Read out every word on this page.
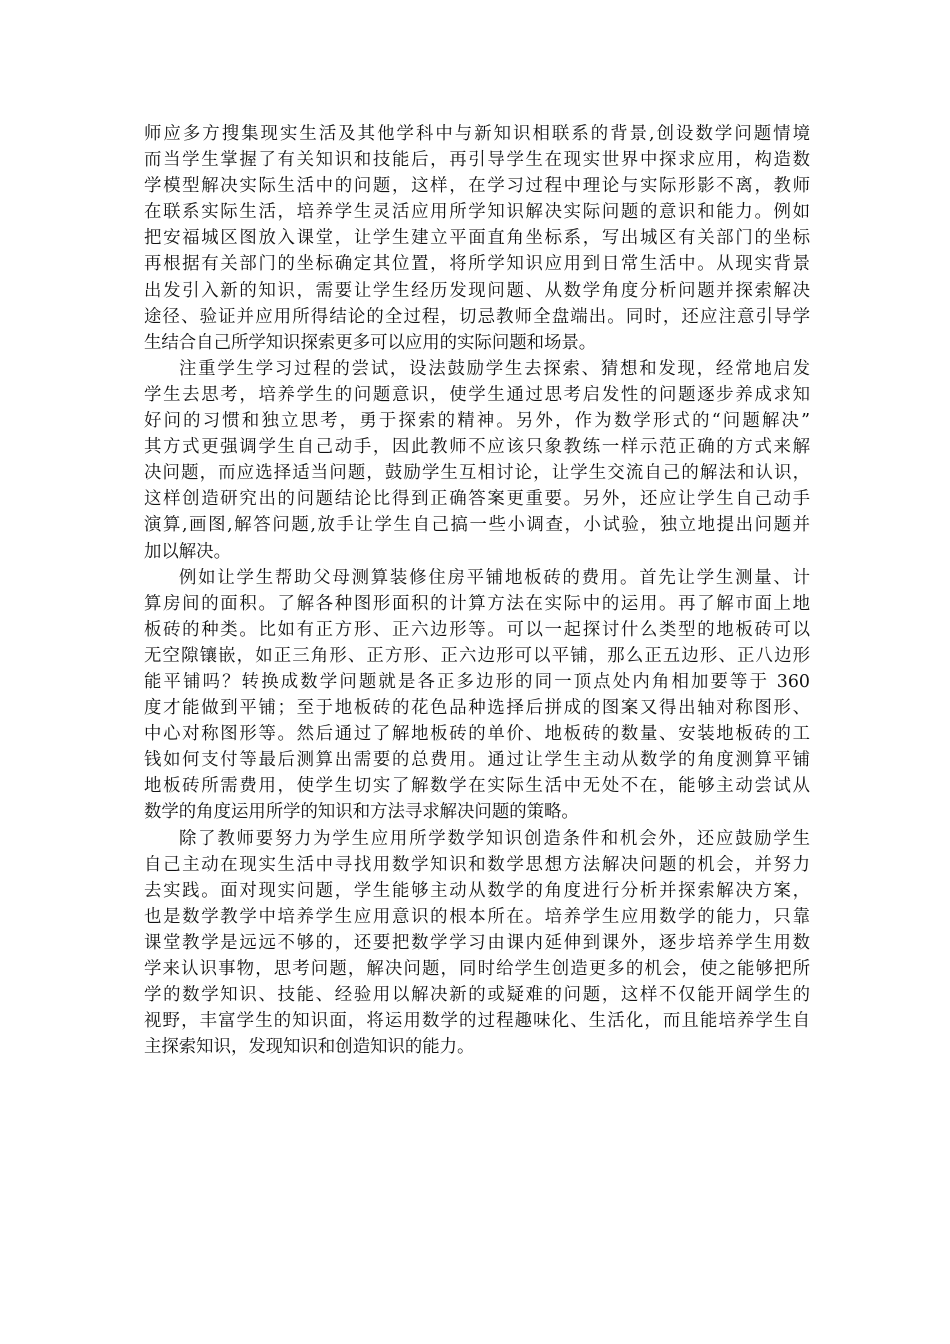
师应多方搜集现实生活及其他学科中与新知识相联系的背景,创设数学问题情境
而当学生掌握了有关知识和技能后，再引导学生在现实世界中探求应用，构造数
学模型解决实际生活中的问题，这样，在学习过程中理论与实际形影不离，教师
在联系实际生活，培养学生灵活应用所学知识解决实际问题的意识和能力。例如
把安福城区图放入课堂，让学生建立平面直角坐标系，写出城区有关部门的坐标
再根据有关部门的坐标确定其位置，将所学知识应用到日常生活中。从现实背景
出发引入新的知识，需要让学生经历发现问题、从数学角度分析问题并探索解决
途径、验证并应用所得结论的全过程，切忌教师全盘端出。同时，还应注意引导学
生结合自己所学知识探索更多可以应用的实际问题和场景。
注重学生学习过程的尝试，设法鼓励学生去探索、猜想和发现，经常地启发
学生去思考，培养学生的问题意识，使学生通过思考启发性的问题逐步养成求知
好问的习惯和独立思考，勇于探索的精神。另外，作为数学形式的“问题解决”
其方式更强调学生自己动手，因此教师不应该只象教练一样示范正确的方式来解
决问题，而应选择适当问题，鼓励学生互相讨论，让学生交流自己的解法和认识，
这样创造研究出的问题结论比得到正确答案更重要。另外，还应让学生自己动手
演算,画图,解答问题,放手让学生自己搞一些小调查，小试验，独立地提出问题并
加以解决。
例如让学生帮助父母测算装修住房平铺地板砖的费用。首先让学生测量、计
算房间的面积。了解各种图形面积的计算方法在实际中的运用。再了解市面上地
板砖的种类。比如有正方形、正六边形等。可以一起探讨什么类型的地板砖可以
无空隙镶嵌，如正三角形、正方形、正六边形可以平铺，那么正五边形、正八边形
能平铺吗？转换成数学问题就是各正多边形的同一顶点处内角相加要等于 360
度才能做到平铺；至于地板砖的花色品种选择后拼成的图案又得出轴对称图形、
中心对称图形等。然后通过了解地板砖的单价、地板砖的数量、安装地板砖的工
钱如何支付等最后测算出需要的总费用。通过让学生主动从数学的角度测算平铺
地板砖所需费用，使学生切实了解数学在实际生活中无处不在，能够主动尝试从
数学的角度运用所学的知识和方法寻求解决问题的策略。
除了教师要努力为学生应用所学数学知识创造条件和机会外，还应鼓励学生
自己主动在现实生活中寻找用数学知识和数学思想方法解决问题的机会，并努力
去实践。面对现实问题，学生能够主动从数学的角度进行分析并探索解决方案，
也是数学教学中培养学生应用意识的根本所在。培养学生应用数学的能力，只靠
课堂教学是远远不够的，还要把数学学习由课内延伸到课外，逐步培养学生用数
学来认识事物，思考问题，解决问题，同时给学生创造更多的机会，使之能够把所
学的数学知识、技能、经验用以解决新的或疑难的问题，这样不仅能开阔学生的
视野，丰富学生的知识面，将运用数学的过程趣味化、生活化，而且能培养学生自
主探索知识，发现知识和创造知识的能力。
